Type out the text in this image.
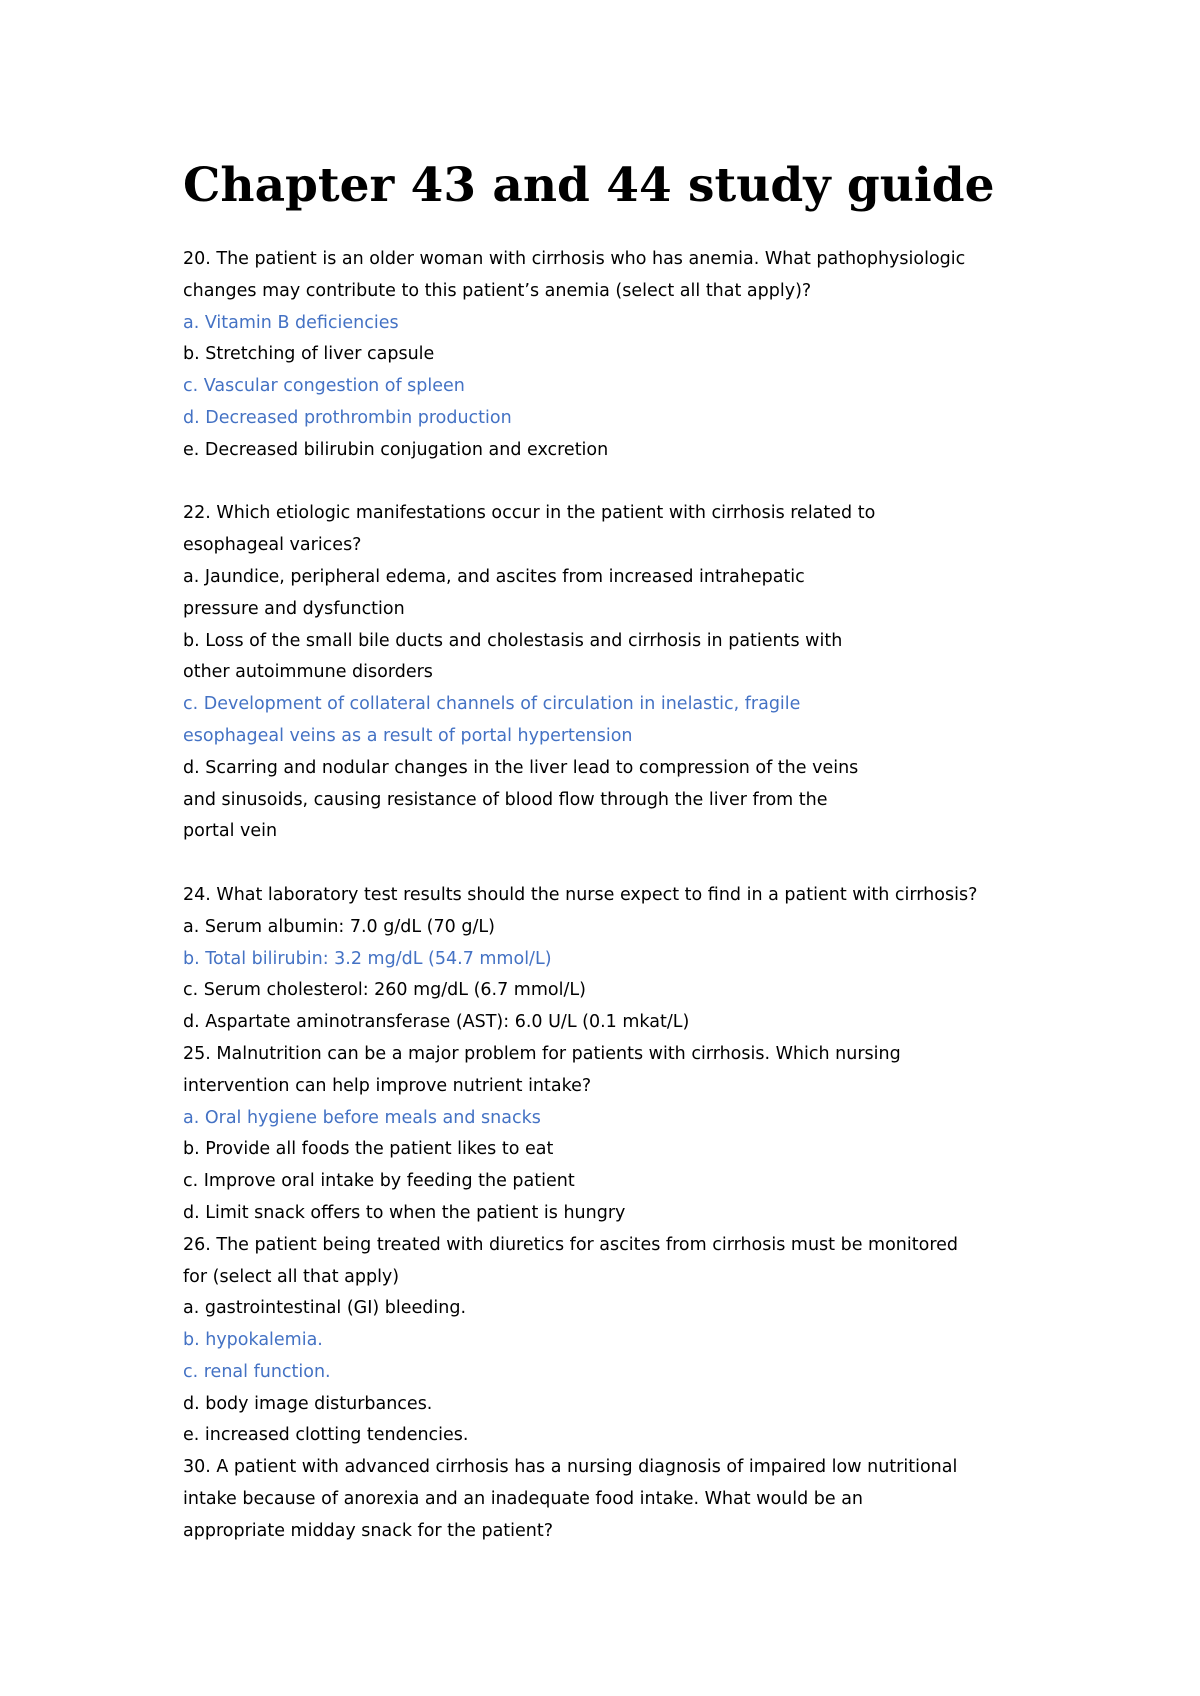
Chapter 43 and 44 study guide
20. The patient is an older woman with cirrhosis who has anemia. What pathophysiologic
changes may contribute to this patient’s anemia (select all that apply)?
a. Vitamin B deficiencies
b. Stretching of liver capsule
c. Vascular congestion of spleen
d. Decreased prothrombin production
e. Decreased bilirubin conjugation and excretion
22. Which etiologic manifestations occur in the patient with cirrhosis related to
esophageal varices?
a. Jaundice, peripheral edema, and ascites from increased intrahepatic
pressure and dysfunction
b. Loss of the small bile ducts and cholestasis and cirrhosis in patients with
other autoimmune disorders
c. Development of collateral channels of circulation in inelastic, fragile
esophageal veins as a result of portal hypertension
d. Scarring and nodular changes in the liver lead to compression of the veins
and sinusoids, causing resistance of blood flow through the liver from the
portal vein
24. What laboratory test results should the nurse expect to find in a patient with cirrhosis?
a. Serum albumin: 7.0 g/dL (70 g/L)
b. Total bilirubin: 3.2 mg/dL (54.7 mmol/L)
c. Serum cholesterol: 260 mg/dL (6.7 mmol/L)
d. Aspartate aminotransferase (AST): 6.0 U/L (0.1 mkat/L)
25. Malnutrition can be a major problem for patients with cirrhosis. Which nursing
intervention can help improve nutrient intake?
a. Oral hygiene before meals and snacks
b. Provide all foods the patient likes to eat
c. Improve oral intake by feeding the patient
d. Limit snack offers to when the patient is hungry
26. The patient being treated with diuretics for ascites from cirrhosis must be monitored
for (select all that apply)
a. gastrointestinal (GI) bleeding.
b. hypokalemia.
c. renal function.
d. body image disturbances.
e. increased clotting tendencies.
30. A patient with advanced cirrhosis has a nursing diagnosis of impaired low nutritional
intake because of anorexia and an inadequate food intake. What would be an
appropriate midday snack for the patient?
